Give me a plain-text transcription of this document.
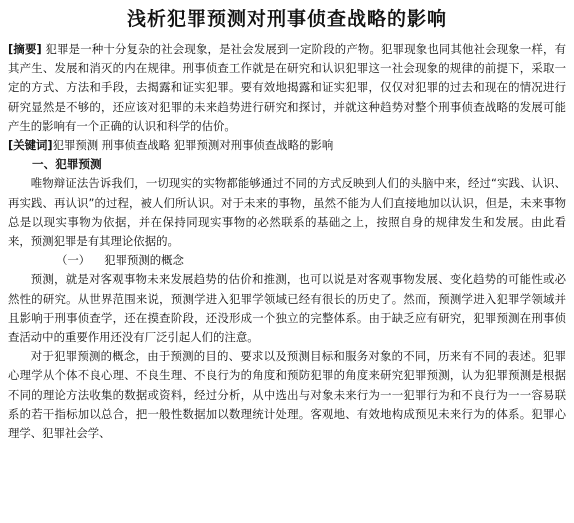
浅析犯罪预测对刑事侦查战略的影响

[摘要] 犯罪是一种十分复杂的社会现象，是社会发展到一定阶段的产物。犯罪现象也同其他社会现象一样，有其产生、发展和消灭的内在规律。刑事侦查工作就是在研究和认识犯罪这一社会现象的规律的前提下，采取一定的方式、方法和手段，去揭露和证实犯罪。要有效地揭露和证实犯罪，仅仅对犯罪的过去和现在的情况进行研究显然是不够的，还应该对犯罪的未来趋势进行研究和探讨，并就这种趋势对整个刑事侦查战略的发展可能产生的影响有一个正确的认识和科学的估价。

[关键词]犯罪预测 刑事侦查战略 犯罪预测对刑事侦查战略的影响

一、犯罪预测

唯物辩证法告诉我们，一切现实的实物都能够通过不同的方式反映到人们的头脑中来，经过“实践、认识、再实践、再认识”的过程，被人们所认识。对于未来的事物，虽然不能为人们直接地加以认识，但是，未来事物总是以现实事物为依据，并在保持同现实事物的必然联系的基础之上，按照自身的规律发生和发展。由此看来，预测犯罪是有其理论依据的。

（一） 犯罪预测的概念

预测，就是对客观事物未来发展趋势的估价和推测，也可以说是对客观事物发展、变化趋势的可能性或必然性的研究。从世界范围来说，预测学进入犯罪学领域已经有很长的历史了。然而，预测学进入犯罪学领域并且影响于刑事侦查学，还在摸查阶段，还没形成一个独立的完整体系。由于缺乏应有研究，犯罪预测在刑事侦查活动中的重要作用还没有厂泛引起人们的注意。

对于犯罪预测的概念，由于预测的目的、要求以及预测目标和服务对象的不同，历来有不同的表述。犯罪心理学从个体不良心理、不良生理、不良行为的角度和预防犯罪的角度来研究犯罪预测，认为犯罪预测是根据不同的理论方法收集的数据或资料，经过分析，从中选出与对象未来行为一一犯罪行为和不良行为一一容易联系的若干指标加以总合，把一般性数据加以数理统计处理。客观地、有效地构成预见未来行为的体系。犯罪心理学、犯罪社会学、
